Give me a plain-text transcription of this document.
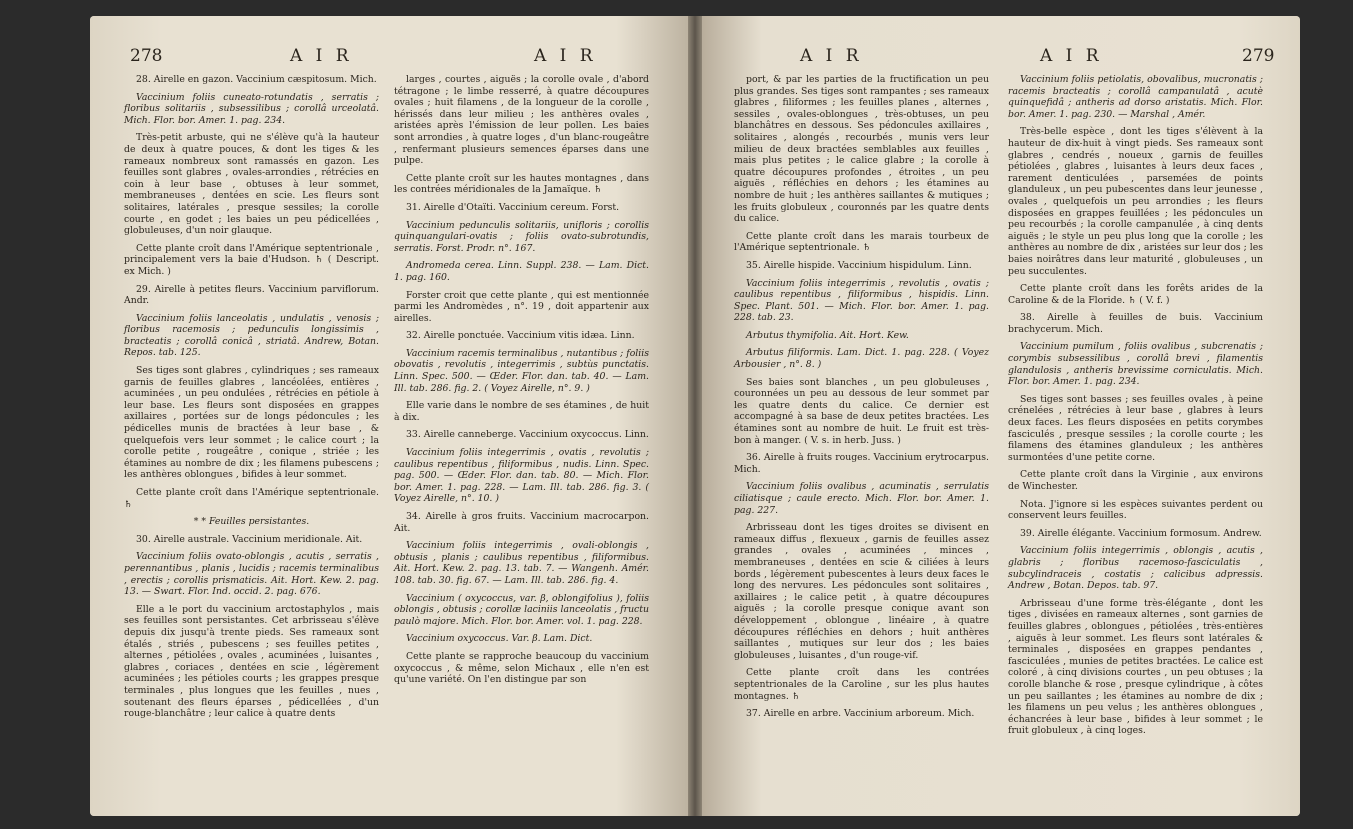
278	A I R	A I R

28. Airelle en gazon. Vaccinium cæspitosum. Mich.

Vaccinium foliis cuneato-rotundatis , serratis ; floribus solitariis , subsessilibus ; corollâ urceolatâ. Mich. Flor. bor. Amer. 1. pag. 234.

Très-petit arbuste, qui ne s'élève qu'à la hauteur de deux à quatre pouces, & dont les tiges & les rameaux nombreux sont ramassés en gazon. Les feuilles sont glabres , ovales-arrondies , rétrécies en coin à leur base , obtuses à leur sommet, membraneuses , dentées en scie. Les fleurs sont solitaires, latérales , presque sessiles; la corolle courte , en godet ; les baies un peu pédicellées , globuleuses, d'un noir glauque.

Cette plante croît dans l'Amérique septentrionale , principalement vers la baie d'Hudson. ♄ ( Descript. ex Mich. )

29. Airelle à petites fleurs. Vaccinium parviflorum. Andr.

Vaccinium foliis lanceolatis , undulatis , venosis ; floribus racemosis ; pedunculis longissimis , bracteatis ; corollâ conicâ , striatâ. Andrew, Botan. Repos. tab. 125.

Ses tiges sont glabres , cylindriques ; ses rameaux garnis de feuilles glabres , lancéolées, entières , acuminées , un peu ondulées , rétrécies en pétiole à leur base. Les fleurs sont disposées en grappes axillaires , portées sur de longs pédoncules ; les pédicelles munis de bractées à leur base , & quelquefois vers leur sommet ; le calice court ; la corolle petite , rougeâtre , conique , striée ; les étamines au nombre de dix ; les filamens pubescens ; les anthères oblongues , bifides à leur sommet.

Cette plante croît dans l'Amérique septentrionale. ♄

* * Feuilles persistantes.

30. Airelle australe. Vaccinium meridionale. Ait.

Vaccinium foliis ovato-oblongis , acutis , serratis , perennantibus , planis , lucidis ; racemis terminalibus , erectis ; corollis prismaticis. Ait. Hort. Kew. 2. pag. 13. — Swart. Flor. Ind. occid. 2. pag. 676.

Elle a le port du vaccinium arctostaphylos , mais ses feuilles sont persistantes. Cet arbrisseau s'élève depuis dix jusqu'à trente pieds. Ses rameaux sont étalés , striés , pubescens ; ses feuilles petites , alternes , pétiolées , ovales , acuminées , luisantes , glabres , coriaces , dentées en scie , légèrement acuminées ; les pétioles courts ; les grappes presque terminales , plus longues que les feuilles , nues , soutenant des fleurs éparses , pédicellées , d'un rouge-blanchâtre ; leur calice à quatre dents

larges , courtes , aiguës ; la corolle ovale , d'abord tétragone ; le limbe resserré, à quatre découpures ovales ; huit filamens , de la longueur de la corolle , hérissés dans leur milieu ; les anthères ovales , aristées après l'émission de leur pollen. Les baies sont arrondies , à quatre loges , d'un blanc-rougeâtre , renfermant plusieurs semences éparses dans une pulpe.

Cette plante croît sur les hautes montagnes , dans les contrées méridionales de la Jamaïque. ♄

31. Airelle d'Otaïti. Vaccinium cereum. Forst.

Vaccinium pedunculis solitariis, unifloris ; corollis quinquangulari-ovatis ; foliis ovato-subrotundis, serratis. Forst. Prodr. n°. 167.

Andromeda cerea. Linn. Suppl. 238. — Lam. Dict. 1. pag. 160.

Forster croit que cette plante , qui est mentionnée parmi les Andromèdes , n°. 19 , doit appartenir aux airelles.

32. Airelle ponctuée. Vaccinium vitis idæa. Linn.

Vaccinium racemis terminalibus , nutantibus ; foliis obovatis , revolutis , integerrimis , subtùs punctatis. Linn. Spec. 500. — Œder. Flor. dan. tab. 40. — Lam. Ill. tab. 286. fig. 2. ( Voyez Airelle, n°. 9. )

Elle varie dans le nombre de ses étamines , de huit à dix.

33. Airelle canneberge. Vaccinium oxycoccus. Linn.

Vaccinium foliis integerrimis , ovatis , revolutis ; caulibus repentibus , filiformibus , nudis. Linn. Spec. pag. 500. — Œder. Flor. dan. tab. 80. — Mich. Flor. bor. Amer. 1. pag. 228. — Lam. Ill. tab. 286. fig. 3. ( Voyez Airelle, n°. 10. )

34. Airelle à gros fruits. Vaccinium macrocarpon. Ait.

Vaccinium foliis integerrimis , ovali-oblongis , obtusis , planis ; caulibus repentibus , filiformibus. Ait. Hort. Kew. 2. pag. 13. tab. 7. — Wangenh. Amér. 108. tab. 30. fig. 67. — Lam. Ill. tab. 286. fig. 4.

Vaccinium ( oxycoccus, var. β, oblongifolius ), foliis oblongis , obtusis ; corollæ laciniis lanceolatis , fructu paulò majore. Mich. Flor. bor. Amer. vol. 1. pag. 228.

Vaccinium oxycoccus. Var. β. Lam. Dict.

Cette plante se rapproche beaucoup du vaccinium oxycoccus , & même, selon Michaux , elle n'en est qu'une variété. On l'en distingue par son

A I R	A I R	279

port, & par les parties de la fructification un peu plus grandes. Ses tiges sont rampantes ; ses rameaux glabres , filiformes ; les feuilles planes , alternes , sessiles , ovales-oblongues , très-obtuses, un peu blanchâtres en dessous. Ses pédoncules axillaires , solitaires , alongés , recourbés , munis vers leur milieu de deux bractées semblables aux feuilles , mais plus petites ; le calice glabre ; la corolle à quatre découpures profondes , étroites , un peu aiguës , réfléchies en dehors ; les étamines au nombre de huit ; les anthères saillantes & mutiques ; les fruits globuleux , couronnés par les quatre dents du calice.

Cette plante croît dans les marais tourbeux de l'Amérique septentrionale. ♄

35. Airelle hispide. Vaccinium hispidulum. Linn.

Vaccinium foliis integerrimis , revolutis , ovatis ; caulibus repentibus , filiformibus , hispidis. Linn. Spec. Plant. 501. — Mich. Flor. bor. Amer. 1. pag. 228. tab. 23.

Arbutus thymifolia. Ait. Hort. Kew.

Arbutus filiformis. Lam. Dict. 1. pag. 228. ( Voyez Arbousier , n°. 8. )

Ses baies sont blanches , un peu globuleuses , couronnées un peu au dessous de leur sommet par les quatre dents du calice. Ce dernier est accompagné à sa base de deux petites bractées. Les étamines sont au nombre de huit. Le fruit est très-bon à manger. ( V. s. in herb. Juss. )

36. Airelle à fruits rouges. Vaccinium erytrocarpus. Mich.

Vaccinium foliis ovalibus , acuminatis , serrulatis ciliatisque ; caule erecto. Mich. Flor. bor. Amer. 1. pag. 227.

Arbrisseau dont les tiges droites se divisent en rameaux diffus , flexueux , garnis de feuilles assez grandes , ovales , acuminées , minces , membraneuses , dentées en scie & ciliées à leurs bords , légèrement pubescentes à leurs deux faces le long des nervures. Les pédoncules sont solitaires , axillaires ; le calice petit , à quatre découpures aiguës ; la corolle presque conique avant son développement , oblongue , linéaire , à quatre découpures réfléchies en dehors ; huit anthères saillantes , mutiques sur leur dos ; les baies globuleuses , luisantes , d'un rouge-vif.

Cette plante croît dans les contrées septentrionales de la Caroline , sur les plus hautes montagnes. ♄

37. Airelle en arbre. Vaccinium arboreum. Mich.

Vaccinium foliis petiolatis, obovalibus, mucronatis ; racemis bracteatis ; corollâ campanulatâ , acutè quinquefidâ ; antheris ad dorso aristatis. Mich. Flor. bor. Amer. 1. pag. 230. — Marshal , Amér.

Très-belle espèce , dont les tiges s'élèvent à la hauteur de dix-huit à vingt pieds. Ses rameaux sont glabres , cendrés , noueux , garnis de feuilles pétiolées , glabres , luisantes à leurs deux faces , rarement denticulées , parsemées de points glanduleux , un peu pubescentes dans leur jeunesse , ovales , quelquefois un peu arrondies ; les fleurs disposées en grappes feuillées ; les pédoncules un peu recourbés ; la corolle campanulée , à cinq dents aiguës ; le style un peu plus long que la corolle ; les anthères au nombre de dix , aristées sur leur dos ; les baies noirâtres dans leur maturité , globuleuses , un peu succulentes.

Cette plante croît dans les forêts arides de la Caroline & de la Floride. ♄ ( V. f. )

38. Airelle à feuilles de buis. Vaccinium brachycerum. Mich.

Vaccinium pumilum , foliis ovalibus , subcrenatis ; corymbis subsessilibus , corollâ brevi , filamentis glandulosis , antheris brevissime corniculatis. Mich. Flor. bor. Amer. 1. pag. 234.

Ses tiges sont basses ; ses feuilles ovales , à peine crénelées , rétrécies à leur base , glabres à leurs deux faces. Les fleurs disposées en petits corymbes fasciculés , presque sessiles ; la corolle courte ; les filamens des étamines glanduleux ; les anthères surmontées d'une petite corne.

Cette plante croît dans la Virginie , aux environs de Winchester.

Nota. J'ignore si les espèces suivantes perdent ou conservent leurs feuilles.

39. Airelle élégante. Vaccinium formosum. Andrew.

Vaccinium foliis integerrimis , oblongis , acutis , glabris ; floribus racemoso-fasciculatis , subcylindraceis , costatis ; calicibus adpressis. Andrew , Botan. Depos. tab. 97.

Arbrisseau d'une forme très-élégante , dont les tiges , divisées en rameaux alternes , sont garnies de feuilles glabres , oblongues , pétiolées , très-entières , aiguës à leur sommet. Les fleurs sont latérales & terminales , disposées en grappes pendantes , fasciculées , munies de petites bractées. Le calice est coloré , à cinq divisions courtes , un peu obtuses ; la corolle blanche & rose , presque cylindrique , à côtes un peu saillantes ; les étamines au nombre de dix ; les filamens un peu velus ; les anthères oblongues , échancrées à leur base , bifides à leur sommet ; le fruit globuleux , à cinq loges.
